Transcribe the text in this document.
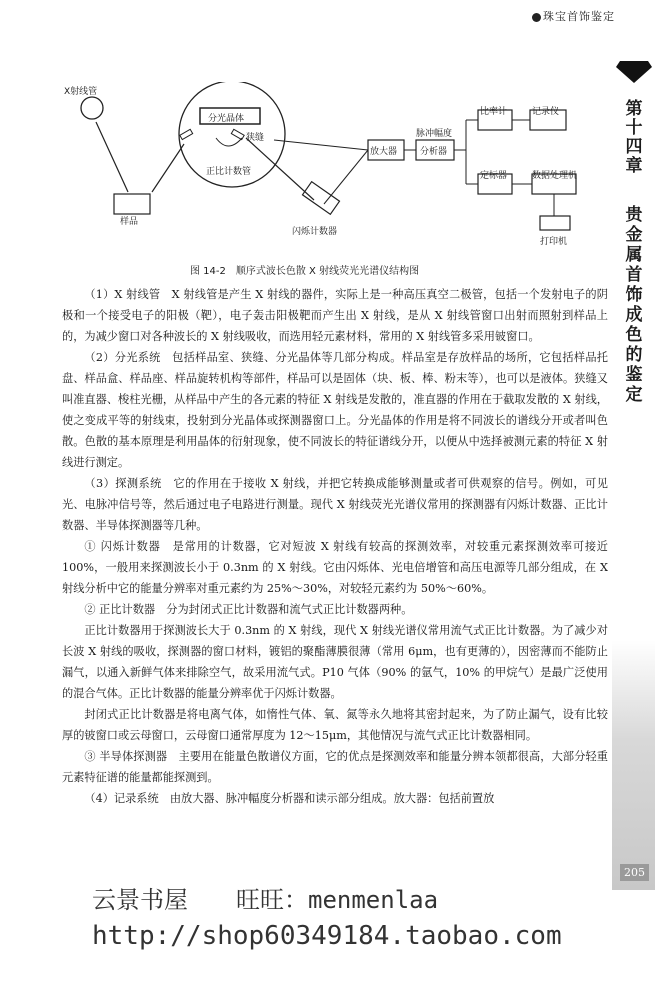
珠宝首饰鉴定
第十四章
贵金属首饰成色的鉴定
205
X射线管
分光晶体
狭缝
正比计数管
样品
闪烁计数器
放大器
脉冲幅度
分析器
比率计	记录仪
定标器	数据处理机
打印机
图 14-2　顺序式波长色散 X 射线荧光光谱仪结构图

（1）X 射线管　X 射线管是产生 X 射线的器件，实际上是一种高压真空二极管，包括一个发射电子的阴极和一个接受电子的阳极（靶），电子轰击阳极靶而产生出 X 射线，是从 X 射线管窗口出射而照射到样品上的，为减少窗口对各种波长的 X 射线吸收，而选用轻元素材料，常用的 X 射线管多采用铍窗口。

（2）分光系统　包括样品室、狭缝、分光晶体等几部分构成。样品室是存放样品的场所，它包括样品托盘、样品盒、样品座、样品旋转机构等部件，样品可以是固体（块、板、棒、粉末等），也可以是液体。狭缝又叫准直器、梭柱光栅，从样品中产生的各元素的特征 X 射线是发散的，准直器的作用在于截取发散的 X 射线，使之变成平等的射线束，投射到分光晶体或探测器窗口上。分光晶体的作用是将不同波长的谱线分开或者叫色散。色散的基本原理是利用晶体的衍射现象，使不同波长的特征谱线分开，以便从中选择被测元素的特征 X 射线进行测定。

（3）探测系统　它的作用在于接收 X 射线，并把它转换成能够测量或者可供观察的信号。例如，可见光、电脉冲信号等，然后通过电子电路进行测量。现代 X 射线荧光光谱仪常用的探测器有闪烁计数器、正比计数器、半导体探测器等几种。

① 闪烁计数器　是常用的计数器，它对短波 X 射线有较高的探测效率，对较重元素探测效率可接近 100%，一般用来探测波长小于 0.3nm 的 X 射线。它由闪烁体、光电倍增管和高压电源等几部分组成，在 X 射线分析中它的能量分辨率对重元素约为 25%～30%，对较轻元素约为 50%～60%。

② 正比计数器　分为封闭式正比计数器和流气式正比计数器两种。

正比计数器用于探测波长大于 0.3nm 的 X 射线，现代 X 射线光谱仪常用流气式正比计数器。为了减少对长波 X 射线的吸收，探测器的窗口材料，镀铝的聚酯薄膜很薄（常用 6μm，也有更薄的），因密薄而不能防止漏气，以通入新鲜气体来排除空气，故采用流气式。P10 气体（90% 的氩气，10% 的甲烷气）是最广泛使用的混合气体。正比计数器的能量分辨率优于闪烁计数器。

封闭式正比计数器是将电离气体，如惰性气体、氧、氮等永久地将其密封起来，为了防止漏气，设有比较厚的铍窗口或云母窗口，云母窗口通常厚度为 12～15μm，其他情况与流气式正比计数器相同。

③ 半导体探测器　主要用在能量色散谱仪方面，它的优点是探测效率和能量分辨本领都很高，大部分轻重元素特征谱的能量都能探测到。

（4）记录系统　由放大器、脉冲幅度分析器和读示部分组成。放大器：包括前置放

云景书屋　　旺旺：menmenlaa
http://shop60349184.taobao.com
